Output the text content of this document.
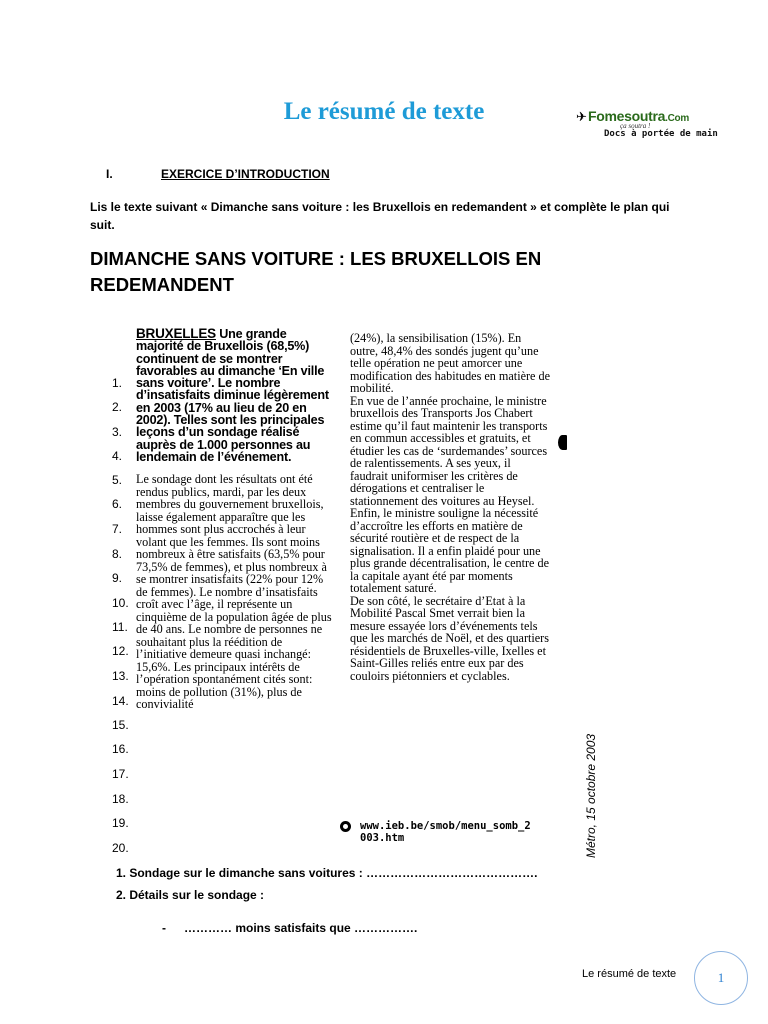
Le résumé de texte	✈ Fomesoutra.Com
ça soutra !
Docs à portée de main
I.	EXERCICE D’INTRODUCTION
Lis le texte suivant « Dimanche sans voiture : les Bruxellois en redemandent » et complète le plan qui suit.
DIMANCHE SANS VOITURE : LES BRUXELLOIS EN REDEMANDENT
1.
2.
3.
4.
5.
6.
7.
8.
9.
10.
11.
12.
13.
14.
15.
16.
17.
18.
19.
20.

BRUXELLES Une grande majorité de Bruxellois (68,5%) continuent de se montrer favorables au dimanche ‘En ville sans voiture’. Le nombre d’insatisfaits diminue légèrement en 2003 (17% au lieu de 20 en 2002). Telles sont les principales leçons d’un sondage réalisé auprès de 1.000 personnes au lendemain de l’événement.

Le sondage dont les résultats ont été rendus publics, mardi, par les deux membres du gouvernement bruxellois, laisse également apparaître que les hommes sont plus accrochés à leur volant que les femmes. Ils sont moins nombreux à être satisfaits (63,5% pour 73,5% de femmes), et plus nombreux à se montrer insatisfaits (22% pour 12% de femmes). Le nombre d’insatisfaits croît avec l’âge, il représente un cinquième de la population âgée de plus de 40 ans. Le nombre de personnes ne souhaitant plus la réédition de l’initiative demeure quasi inchangé: 15,6%. Les principaux intérêts de l’opération spontanément cités sont: moins de pollution (31%), plus de convivialité

(24%), la sensibilisation (15%). En outre, 48,4% des sondés jugent qu’une telle opération ne peut amorcer une modification des habitudes en matière de mobilité.

En vue de l’année prochaine, le ministre bruxellois des Transports Jos Chabert estime qu’il faut maintenir les transports en commun accessibles et gratuits, et étudier les cas de ‘surdemandes’ sources de ralentissements. A ses yeux, il faudrait uniformiser les critères de dérogations et centraliser le stationnement des voitures au Heysel. Enfin, le ministre souligne la nécessité d’accroître les efforts en matière de sécurité routière et de respect de la signalisation. Il a enfin plaidé pour une plus grande décentralisation, le centre de la capitale ayant été par moments totalement saturé.

De son côté, le secrétaire d’Etat à la Mobilité Pascal Smet verrait bien la mesure essayée lors d’événements tels que les marchés de Noël, et des quartiers résidentiels de Bruxelles-ville, Ixelles et Saint-Gilles reliés entre eux par des couloirs piétonniers et cyclables.

www.ieb.be/smob/menu_somb_2 003.htm	Métro, 15 octobre 2003
1. Sondage sur le dimanche sans voitures : …………………………………….
2. Détails sur le sondage :
- ………… moins satisfaits que …………….
Le résumé de texte	1
